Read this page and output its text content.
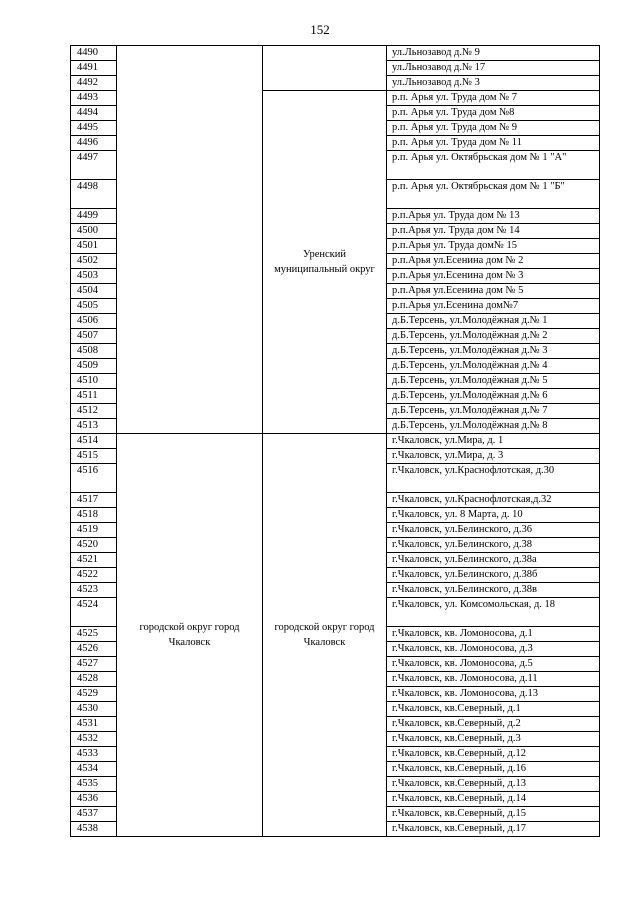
152
4490			ул.Льнозавод д.№ 9
4491			ул.Льнозавод д.№ 17
4492			ул.Льнозавод д.№ 3
4493		Уренский муниципальный округ	р.п. Арья ул. Труда дом № 7
4494			р.п. Арья ул. Труда дом №8
4495			р.п. Арья ул. Труда дом № 9
4496			р.п. Арья ул. Труда дом № 11
4497			р.п. Арья ул. Октябрьская дом № 1 "А"
4498			р.п. Арья ул. Октябрьская дом № 1 "Б"
4499			р.п.Арья ул. Труда дом № 13
4500			р.п.Арья ул. Труда дом № 14
4501			р.п.Арья ул. Труда дом№ 15
4502			р.п.Арья ул.Есенина дом № 2
4503			р.п.Арья ул.Есенина дом № 3
4504			р.п.Арья ул.Есенина дом № 5
4505			р.п.Арья ул.Есенина дом№7
4506			д.Б.Терсень, ул.Молодёжная д.№ 1
4507			д.Б.Терсень, ул.Молодёжная д.№ 2
4508			д.Б.Терсень, ул.Молодёжная д.№ 3
4509			д.Б.Терсень, ул.Молодёжная д.№ 4
4510			д.Б.Терсень, ул.Молодёжная д.№ 5
4511			д.Б.Терсень, ул.Молодёжная д.№ 6
4512			д.Б.Терсень, ул.Молодёжная д.№ 7
4513			д.Б.Терсень, ул.Молодёжная д.№ 8
4514	городской округ город Чкаловск	городской округ город Чкаловск	г.Чкаловск, ул.Мира, д. 1
4515			г.Чкаловск, ул.Мира, д. 3
4516			г.Чкаловск, ул.Краснофлотская, д.30
4517			г.Чкаловск, ул.Краснофлотская,д.32
4518			г.Чкаловск, ул. 8 Марта, д. 10
4519			г.Чкаловск, ул.Белинского, д.36
4520			г.Чкаловск, ул.Белинского, д.38
4521			г.Чкаловск, ул.Белинского, д.38а
4522			г.Чкаловск, ул.Белинского, д.38б
4523			г.Чкаловск, ул.Белинского, д.38в
4524			г.Чкаловск, ул. Комсомольская, д. 18
4525			г.Чкаловск, кв. Ломоносова, д.1
4526			г.Чкаловск, кв. Ломоносова, д.3
4527			г.Чкаловск, кв. Ломоносова, д.5
4528			г.Чкаловск, кв. Ломоносова, д.11
4529			г.Чкаловск, кв. Ломоносова, д.13
4530			г.Чкаловск, кв.Северный, д.1
4531			г.Чкаловск, кв.Северный, д.2
4532			г.Чкаловск, кв.Северный, д.3
4533			г.Чкаловск, кв.Северный, д.12
4534			г.Чкаловск, кв.Северный, д.16
4535			г.Чкаловск, кв.Северный, д.13
4536			г.Чкаловск, кв.Северный, д.14
4537			г.Чкаловск, кв.Северный, д.15
4538			г.Чкаловск, кв.Северный, д.17
